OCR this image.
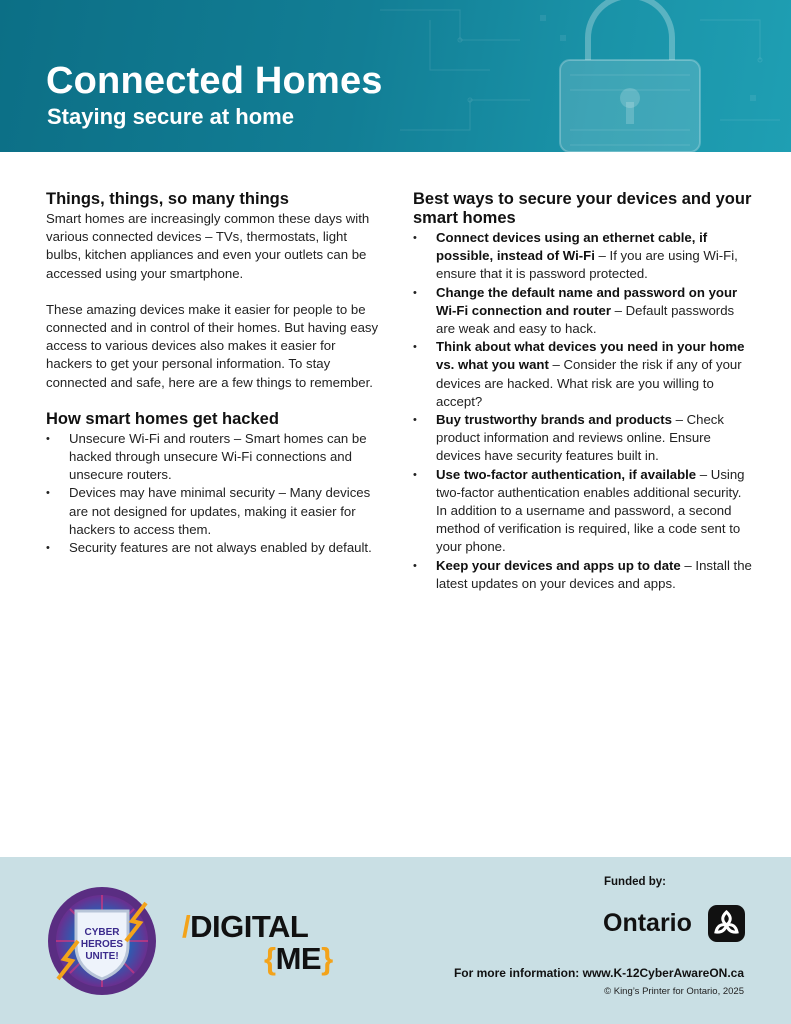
Connected Homes
Staying secure at home
Things, things, so many things

Smart homes are increasingly common these days with various connected devices – TVs, thermostats, light bulbs, kitchen appliances and even your outlets can be accessed using your smartphone.

These amazing devices make it easier for people to be connected and in control of their homes. But having easy access to various devices also makes it easier for hackers to get your personal information. To stay connected and safe, here are a few things to remember.

How smart homes get hacked
• Unsecure Wi-Fi and routers – Smart homes can be hacked through unsecure Wi-Fi connections and unsecure routers.
• Devices may have minimal security – Many devices are not designed for updates, making it easier for hackers to access them.
• Security features are not always enabled by default.
Best ways to secure your devices and your smart homes
• Connect devices using an ethernet cable, if possible, instead of Wi-Fi – If you are using Wi-Fi, ensure that it is password protected.
• Change the default name and password on your Wi-Fi connection and router – Default passwords are weak and easy to hack.
• Think about what devices you need in your home vs. what you want – Consider the risk if any of your devices are hacked. What risk are you willing to accept?
• Buy trustworthy brands and products – Check product information and reviews online. Ensure devices have security features built in.
• Use two-factor authentication, if available – Using two-factor authentication enables additional security. In addition to a username and password, a second method of verification is required, like a code sent to your phone.
• Keep your devices and apps up to date – Install the latest updates on your devices and apps.
CYBER
HEROES
UNITE!
/DIGITAL
{ME}
Funded by:
Ontario
For more information: www.K-12CyberAwareON.ca
© King’s Printer for Ontario, 2025
